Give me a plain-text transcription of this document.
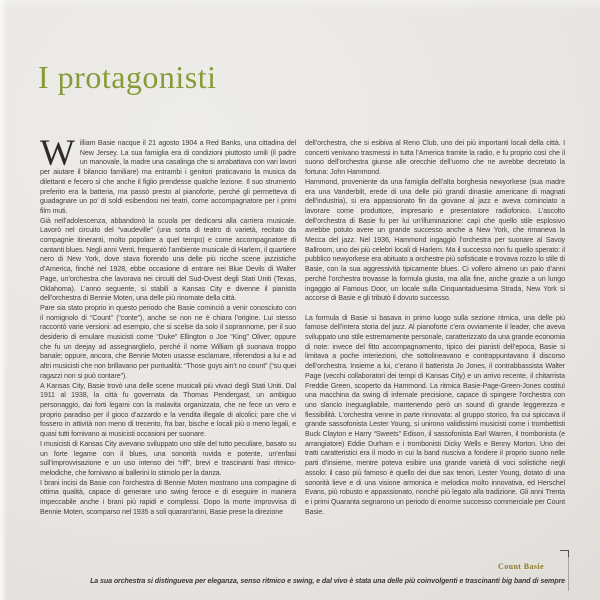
I protagonisti

William Basie nacque il 21 agosto 1904 a Red Banks, una cittadina del New Jersey. La sua famiglia era di condizioni piuttosto umili (il padre un manovale, la madre una casalinga che si arrabattava con vari lavori per aiutare il bilancio familiare) ma entrambi i genitori praticavano la musica da dilettanti e fecero sì che anche il figlio prendesse qualche lezione. Il suo strumento preferito era la batteria, ma passò presto al pianoforte, perché gli permetteva di guadagnare un po’ di soldi esibendosi nei teatri, come accompagnatore per i primi film muti.

Già nell’adolescenza, abbandonò la scuola per dedicarsi alla carriera musicale. Lavorò nel circuito del “vaudeville” (una sorta di teatro di varietà, recitato da compagnie itineranti, molto popolare a quel tempo) e come accompagnatore di cantanti blues. Negli anni Venti, frequentò l’ambiente musicale di Harlem, il quartiere nero di New York, dove stava fiorendo una delle più ricche scene jazzistiche d’America, finché nel 1928, ebbe occasione di entrare nei Blue Devils di Walter Page, un’orchestra che lavorava nei circuiti del Sud-Ovest degli Stati Uniti (Texas, Oklahoma). L’anno seguente, si stabilì a Kansas City e divenne il pianista dell’orchestra di Bennie Moten, una delle più rinomate della città.

Pare sia stato proprio in questo periodo che Basie cominciò a venir conosciuto con il nomignolo di “Count” (“conte”), anche se non ne è chiara l’origine. Lui stesso raccontò varie versioni: ad esempio, che si scelse da solo il soprannome, per il suo desiderio di emulare musicisti come “Duke” Ellington o Joe “King” Oliver; oppure che fu un deejay ad assegnarglielo, perché il nome William gli suonava troppo banale; oppure, ancora, che Bennie Moten usasse esclamare, riferendosi a lui e ad altri musicisti che non brillavano per puntualità: “Those guys ain’t no count” (“su quei ragazzi non si può contare”).

A Kansas City, Basie trovò una delle scene musicali più vivaci degli Stati Uniti. Dal 1911 al 1938, la città fu governata da Thomas Pendergast, un ambiguo personaggio, dai forti legami con la malavita organizzata, che ne fece un vero e proprio paradiso per il gioco d’azzardo e la vendita illegale di alcolici; pare che vi fossero in attività non meno di trecento, fra bar, bische e locali più o meno legali, e quasi tutti fornivano ai musicisti occasioni per suonare.

I musicisti di Kansas City avevano sviluppato uno stile del tutto peculiare, basato su un forte legame con il blues, una sonorità ruvida e potente, un’enfasi sull’improvvisazione e un uso intenso dei “riff”, brevi e trascinanti frasi ritmico-melodiche, che fornivano ai ballerini lo stimolo per la danza.

I brani incisi da Basie con l’orchestra di Bennie Moten mostrano una compagine di ottima qualità, capace di generare uno swing feroce e di eseguire in maniera impeccabile anche i brani più rapidi e complessi. Dopo la morte improvvisa di Bennie Moten, scomparso nel 1935 a soli quarant’anni, Basie prese la direzione

dell’orchestra, che si esibiva al Reno Club, uno dei più importanti locali della città. I concerti venivano trasmessi in tutta l’America tramite la radio, e fu proprio così che il suono dell’orchestra giunse alle orecchie dell’uomo che ne avrebbe decretato la fortuna: John Hammond.

Hammond, proveniente da una famiglia dell’alta borghesia newyorkese (sua madre era una Vanderbilt, erede di una delle più grandi dinastie americane di magnati dell’industria), si era appassionato fin da giovane al jazz e aveva cominciato a lavorare come produttore, impresario e presentatore radiofonico. L’ascolto dell’orchestra di Basie fu per lui un’illuminazione: capì che quello stile esplosivo avrebbe potuto avere un grande successo anche a New York, che rimaneva la Mecca del jazz. Nel 1936, Hammond ingaggiò l’orchestra per suonare al Savoy Ballroom, uno dei più celebri locali di Harlem. Ma il successo non fu quello sperato: il pubblico newyorkese era abituato a orchestre più sofisticate e trovava rozzo lo stile di Basie, con la sua aggressività tipicamente blues. Ci vollero almeno un paio d’anni perché l’orchestra trovasse la formula giusta, ma alla fine, anche grazie a un lungo ingaggio al Famous Door, un locale sulla Cinquantaduesima Strada, New York si accorse di Basie e gli tributò il dovuto successo.

La formula di Basie si basava in primo luogo sulla sezione ritmica, una delle più famose dell’intera storia del jazz. Al pianoforte c’era ovviamente il leader, che aveva sviluppato uno stile estremamente personale, caratterizzato da una grande economia di note: invece del fitto accompagnamento, tipico dei pianisti dell’epoca, Basie si limitava a poche interiezioni, che sottolineavano e contrappuntavano il discorso dell’orchestra. Insieme a lui, c’erano il batterista Jo Jones, il contrabbassista Walter Page (vecchi collaboratori dei tempi di Kansas City) e un arrivo recente, il chitarrista Freddie Green, scoperto da Hammond. La ritmica Basie-Page-Green-Jones costituì una macchina da swing di infernale precisione, capace di spingere l’orchestra con uno slancio ineguagliabile, mantenendo però un sound di grande leggerezza e flessibilità. L’orchestra venne in parte rinnovata: al gruppo storico, fra cui spiccava il grande sassofonista Lester Young, si unirono validissimi musicisti come i trombettisti Buck Clayton e Harry “Sweets” Edison, il sassofonista Earl Warren, il trombonista (e arrangiatore) Eddie Durham e i trombonisti Dicky Wells e Benny Morton. Uno dei tratti caratteristici era il modo in cui la band riusciva a fondere il proprio suono nelle parti d’insieme, mentre poteva esibire una grande varietà di voci solistiche negli assolo: il caso più famoso è quello dei due sax tenori, Lester Young, dotato di una sonorità lieve e di una visione armonica e melodica molto innovativa, ed Herschel Evans, più robusto e appassionato, nonché più legato alla tradizione. Gli anni Trenta e i primi Quaranta segnarono un periodo di enorme successo commerciale per Count Basie.

Count Basie
La sua orchestra si distingueva per eleganza, senso ritmico e swing, e dal vivo è stata una delle più coinvolgenti e trascinanti big band di sempre
